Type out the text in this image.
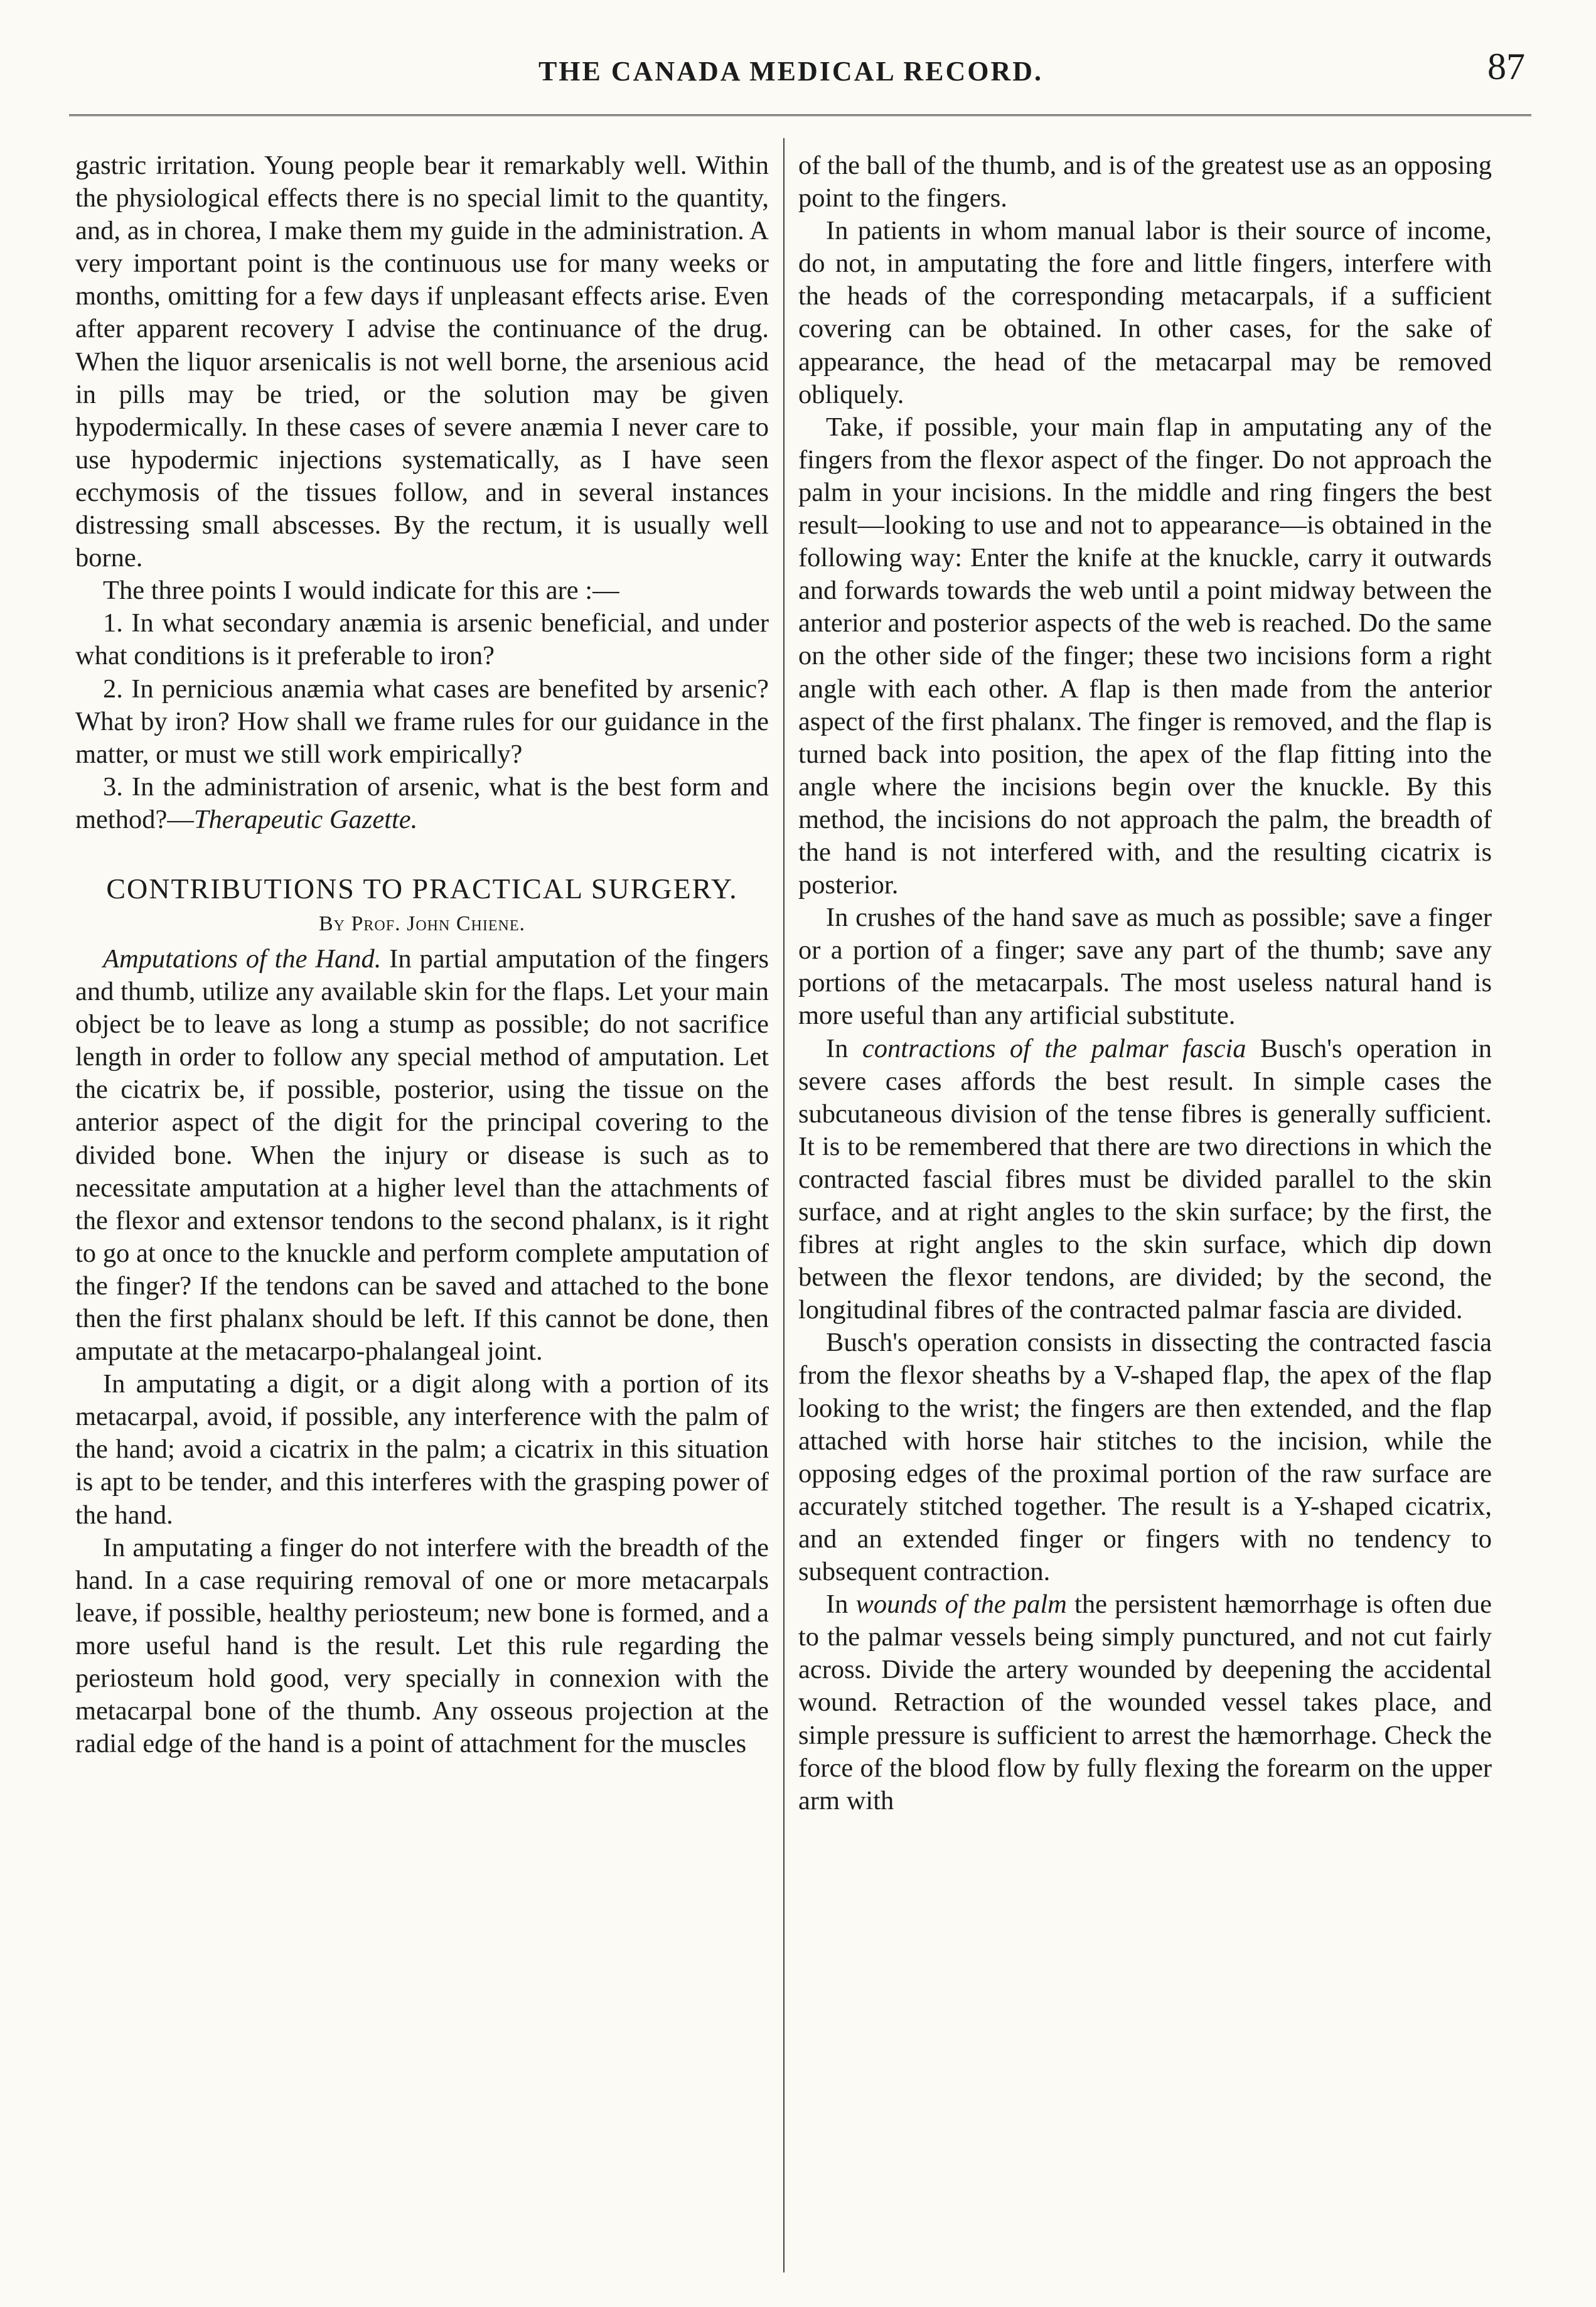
THE CANADA MEDICAL RECORD.	87

gastric irritation. Young people bear it remarkably well. Within the physiological effects there is no special limit to the quantity, and, as in chorea, I make them my guide in the administration. A very important point is the continuous use for many weeks or months, omitting for a few days if unpleasant effects arise. Even after apparent recovery I advise the continuance of the drug. When the liquor arsenicalis is not well borne, the arsenious acid in pills may be tried, or the solution may be given hypodermically. In these cases of severe anæmia I never care to use hypodermic injections systematically, as I have seen ecchymosis of the tissues follow, and in several instances distressing small abscesses. By the rectum, it is usually well borne.

The three points I would indicate for this are :—

1. In what secondary anæmia is arsenic beneficial, and under what conditions is it preferable to iron?

2. In pernicious anæmia what cases are benefited by arsenic? What by iron? How shall we frame rules for our guidance in the matter, or must we still work empirically?

3. In the administration of arsenic, what is the best form and method?—Therapeutic Gazette.

CONTRIBUTIONS TO PRACTICAL SURGERY.
By Prof. John Chiene.

Amputations of the Hand. In partial amputation of the fingers and thumb, utilize any available skin for the flaps. Let your main object be to leave as long a stump as possible; do not sacrifice length in order to follow any special method of amputation. Let the cicatrix be, if possible, posterior, using the tissue on the anterior aspect of the digit for the principal covering to the divided bone. When the injury or disease is such as to necessitate amputation at a higher level than the attachments of the flexor and extensor tendons to the second phalanx, is it right to go at once to the knuckle and perform complete amputation of the finger? If the tendons can be saved and attached to the bone then the first phalanx should be left. If this cannot be done, then amputate at the metacarpo-phalangeal joint.

In amputating a digit, or a digit along with a portion of its metacarpal, avoid, if possible, any interference with the palm of the hand; avoid a cicatrix in the palm; a cicatrix in this situation is apt to be tender, and this interferes with the grasping power of the hand.

In amputating a finger do not interfere with the breadth of the hand. In a case requiring removal of one or more metacarpals leave, if possible, healthy periosteum; new bone is formed, and a more useful hand is the result. Let this rule regarding the periosteum hold good, very specially in connexion with the metacarpal bone of the thumb. Any osseous projection at the radial edge of the hand is a point of attachment for the muscles

of the ball of the thumb, and is of the greatest use as an opposing point to the fingers.

In patients in whom manual labor is their source of income, do not, in amputating the fore and little fingers, interfere with the heads of the corresponding metacarpals, if a sufficient covering can be obtained. In other cases, for the sake of appearance, the head of the metacarpal may be removed obliquely.

Take, if possible, your main flap in amputating any of the fingers from the flexor aspect of the finger. Do not approach the palm in your incisions. In the middle and ring fingers the best result—looking to use and not to appearance—is obtained in the following way: Enter the knife at the knuckle, carry it outwards and forwards towards the web until a point midway between the anterior and posterior aspects of the web is reached. Do the same on the other side of the finger; these two incisions form a right angle with each other. A flap is then made from the anterior aspect of the first phalanx. The finger is removed, and the flap is turned back into position, the apex of the flap fitting into the angle where the incisions begin over the knuckle. By this method, the incisions do not approach the palm, the breadth of the hand is not interfered with, and the resulting cicatrix is posterior.

In crushes of the hand save as much as possible; save a finger or a portion of a finger; save any part of the thumb; save any portions of the metacarpals. The most useless natural hand is more useful than any artificial substitute.

In contractions of the palmar fascia Busch's operation in severe cases affords the best result. In simple cases the subcutaneous division of the tense fibres is generally sufficient. It is to be remembered that there are two directions in which the contracted fascial fibres must be divided parallel to the skin surface, and at right angles to the skin surface; by the first, the fibres at right angles to the skin surface, which dip down between the flexor tendons, are divided; by the second, the longitudinal fibres of the contracted palmar fascia are divided.

Busch's operation consists in dissecting the contracted fascia from the flexor sheaths by a V-shaped flap, the apex of the flap looking to the wrist; the fingers are then extended, and the flap attached with horse hair stitches to the incision, while the opposing edges of the proximal portion of the raw surface are accurately stitched together. The result is a Y-shaped cicatrix, and an extended finger or fingers with no tendency to subsequent contraction.

In wounds of the palm the persistent hæmorrhage is often due to the palmar vessels being simply punctured, and not cut fairly across. Divide the artery wounded by deepening the accidental wound. Retraction of the wounded vessel takes place, and simple pressure is sufficient to arrest the hæmorrhage. Check the force of the blood flow by fully flexing the forearm on the upper arm with
